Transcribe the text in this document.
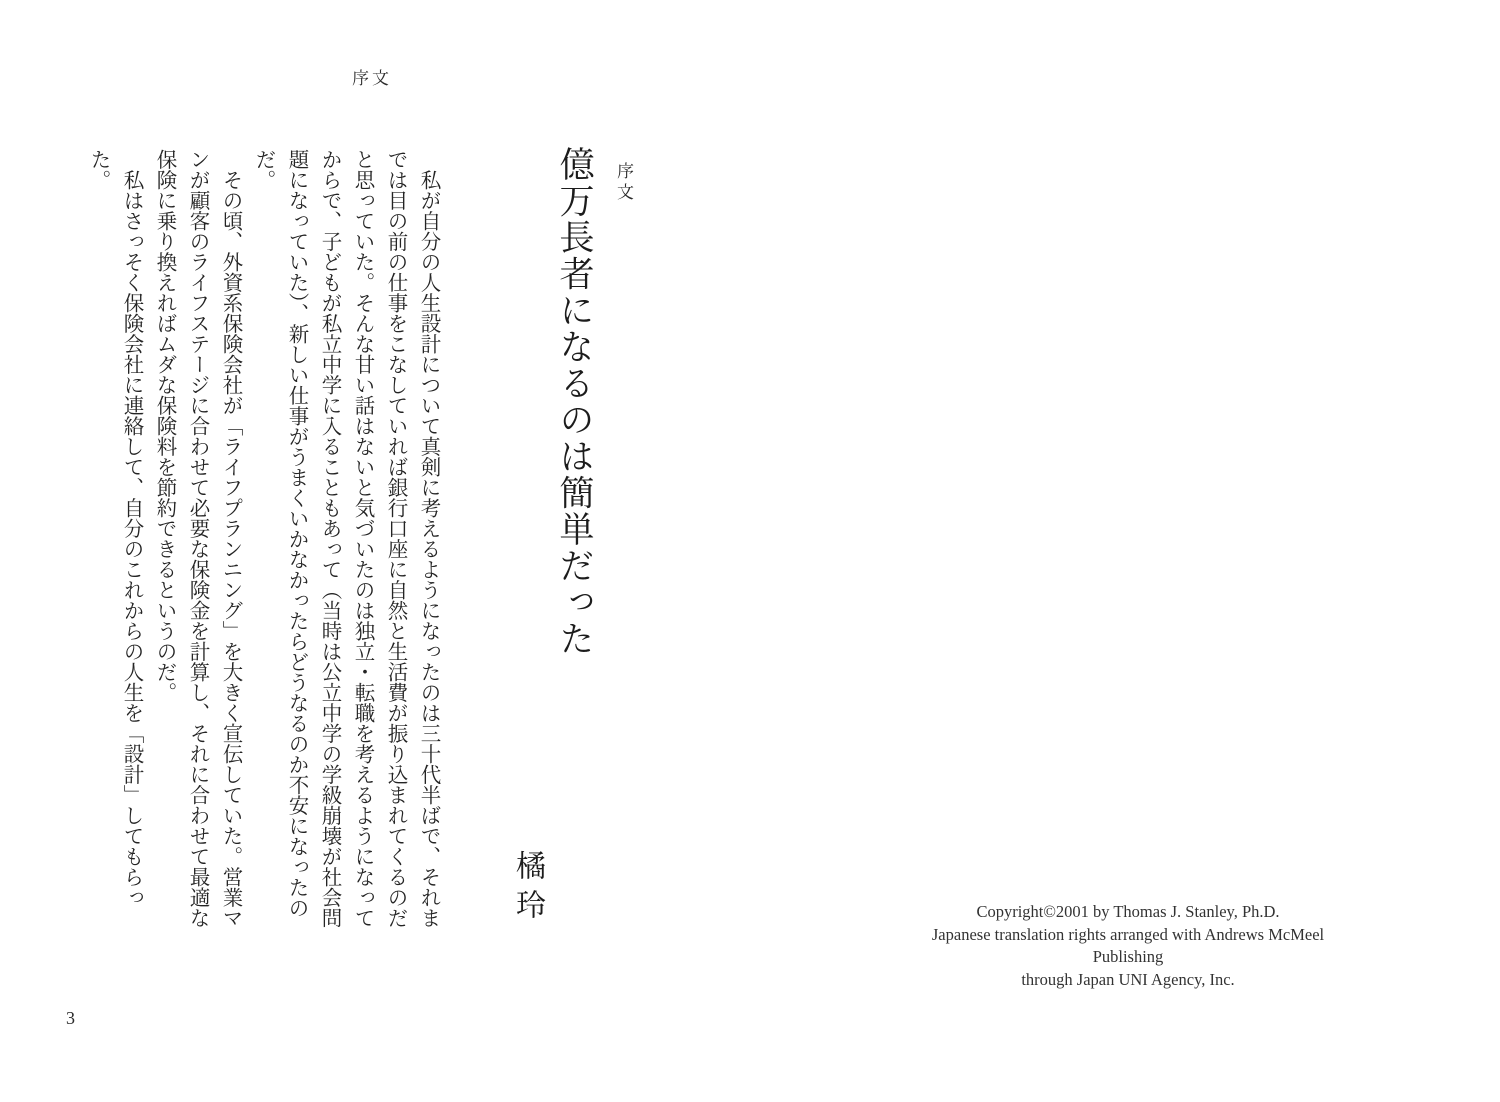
序文
序文
億万長者になるのは簡単だった
橘玲

　私が自分の人生設計について真剣に考えるようになったのは三十代半ばで、それまでは目の前の仕事をこなしていれば銀行口座に自然と生活費が振り込まれてくるのだと思っていた。そんな甘い話はないと気づいたのは独立・転職を考えるようになってからで、子どもが私立中学に入ることもあって（当時は公立中学の学級崩壊が社会問題になっていた）、新しい仕事がうまくいかなかったらどうなるのか不安になったのだ。

　その頃、外資系保険会社が「ライフプランニング」を大きく宣伝していた。営業マンが顧客のライフステージに合わせて必要な保険金を計算し、それに合わせて最適な保険に乗り換えればムダな保険料を節約できるというのだ。

　私はさっそく保険会社に連絡して、自分のこれからの人生を「設計」してもらった。

Copyright©2001 by Thomas J. Stanley, Ph.D.
Japanese translation rights arranged with Andrews McMeel Publishing
through Japan UNI Agency, Inc.
3
